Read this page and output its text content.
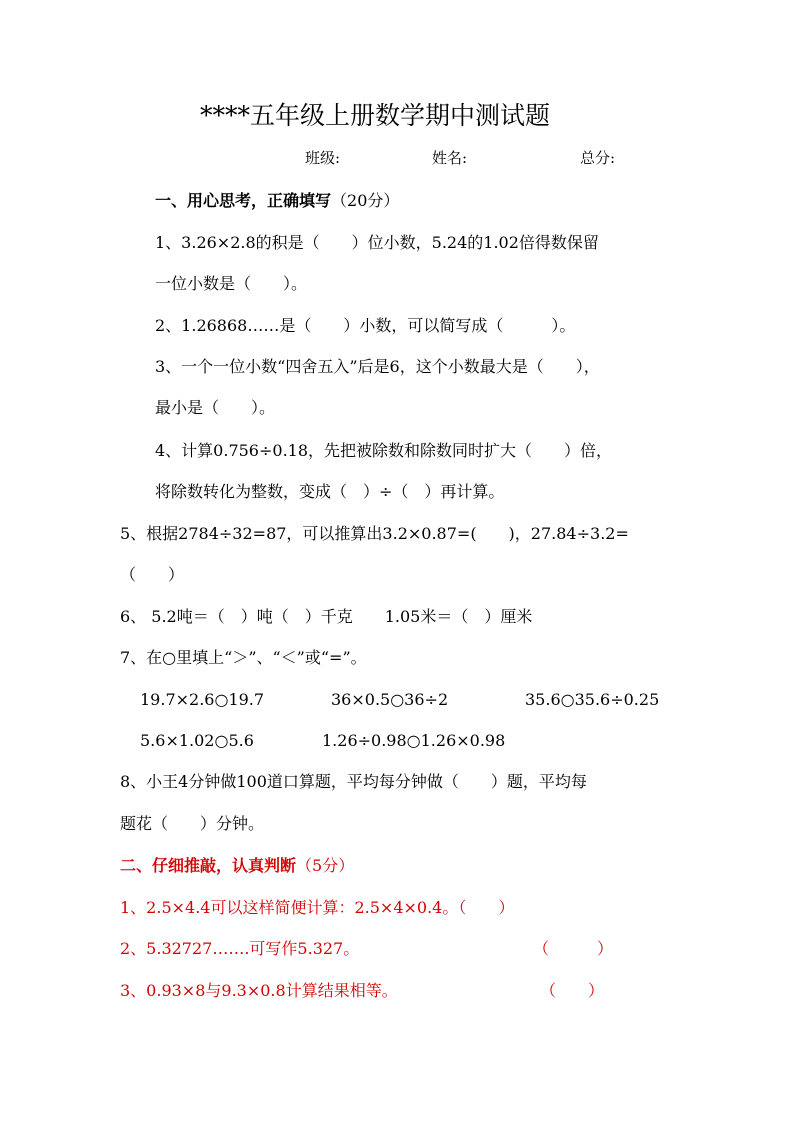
****五年级上册数学期中测试题
班级:	姓名:	总分:
一、用心思考，正确填写（20分）
1、3.26×2.8的积是（　　）位小数，5.24的1.02倍得数保留
一位小数是（　　）。
2、1.26868……是（　　）小数，可以简写成（　　　）。
3、一个一位小数“四舍五入”后是6，这个小数最大是（　　），
最小是（　　）。
4、计算0.756÷0.18，先把被除数和除数同时扩大（　　）倍，
将除数转化为整数，变成（　）÷（　）再计算。
5、根据2784÷32=87，可以推算出3.2×0.87=(　　)，27.84÷3.2=
（　　）
6、 5.2吨＝（　）吨（　）千克　　1.05米＝（　）厘米
7、在○里填上“＞”、“＜”或“=”。
19.7×2.6○19.7	36×0.5○36÷2	35.6○35.6÷0.25
5.6×1.02○5.6	1.26÷0.98○1.26×0.98
8、小王4分钟做100道口算题，平均每分钟做（　　）题，平均每
题花（　　）分钟。
二、仔细推敲，认真判断（5分）
1、2.5×4.4可以这样简便计算：2.5×4×0.4。（　　）
2、5.32727…….可写作5.327。	（　　　）
3、0.93×8与9.3×0.8计算结果相等。	（　　）
